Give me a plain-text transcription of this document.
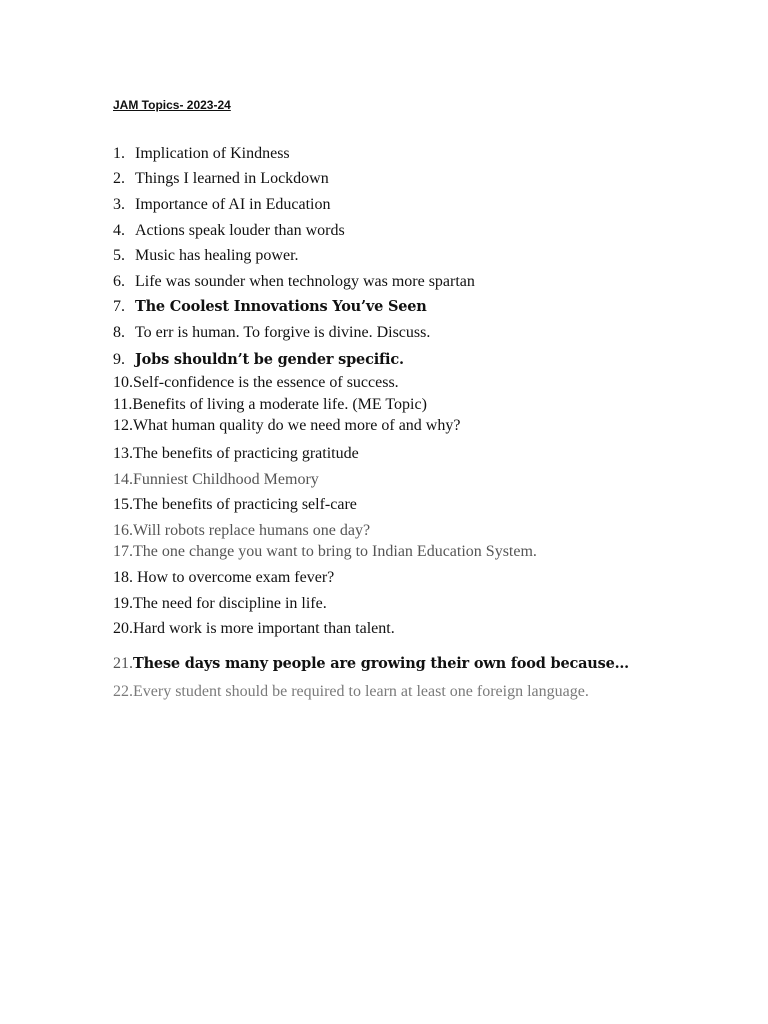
JAM Topics- 2023-24
1. Implication of Kindness
2. Things I learned in Lockdown
3. Importance of AI in Education
4. Actions speak louder than words
5. Music has healing power.
6. Life was sounder when technology was more spartan
7. The Coolest Innovations You’ve Seen
8. To err is human. To forgive is divine. Discuss.
9. Jobs shouldn’t be gender specific.
10.Self-confidence is the essence of success.
11.Benefits of living a moderate life. (ME Topic)
12.What human quality do we need more of and why?
13.The benefits of practicing gratitude
14.Funniest Childhood Memory
15.The benefits of practicing self-care
16.Will robots replace humans one day?
17.The one change you want to bring to Indian Education System.
18. How to overcome exam fever?
19.The need for discipline in life.
20.Hard work is more important than talent.
21.These days many people are growing their own food because…
22.Every student should be required to learn at least one foreign language.
